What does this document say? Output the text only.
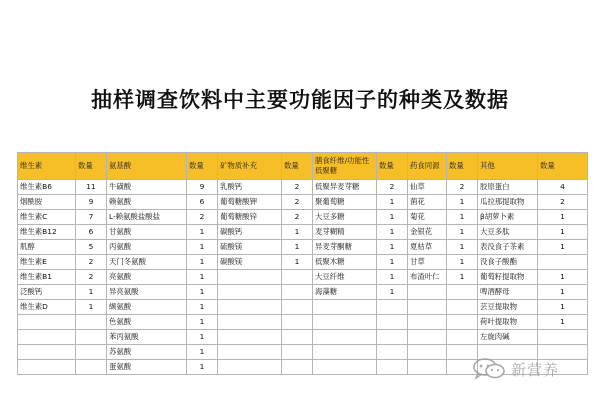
抽样调查饮料中主要功能因子的种类及数据
维生素	数量	氨基酸	数量	矿物质补充	数量	膳食纤维/功能性低聚糖	数量	药食同源	数量	其他	数量
维生素B6	11	牛磺酸	9	乳酸钙	2	低聚异麦芽糖	2	仙草	2	胶原蛋白	4
烟酰胺	9	赖氨酸	6	葡萄糖酸钾	2	聚葡萄糖	1	菌花	1	瓜拉那提取物	2
维生素C	7	L-赖氨酸盐酸盐	2	葡萄糖酸锌	2	大豆多糖	1	菊花	1	β胡萝卜素	1
维生素B12	6	甘氨酸	1	碳酸钙	1	麦芽糊精	1	金银花	1	大豆多肽	1
肌醇	5	丙氨酸	1	硫酸镁	1	异麦芽酮糖	1	夏枯草	1	表没食子茶素	1
维生素E	2	天门冬氨酸	1	碳酸镁	1	低聚木糖	1	甘草	1	没食子酸酯	
维生素B1	2	亮氨酸	1			大豆纤维	1	布渣叶仁	1	葡萄籽提取物	1
泛酸钙	1	异亮氨酸	1			海藻糖	1			啤酒酵母	1
维生素D	1	缬氨酸	1							芸豆提取物	1
		色氨酸	1							荷叶提取物	1
		苯丙氨酸	1							左旋肉碱	
		苏氨酸	1								
		蛋氨酸	1									新营养
